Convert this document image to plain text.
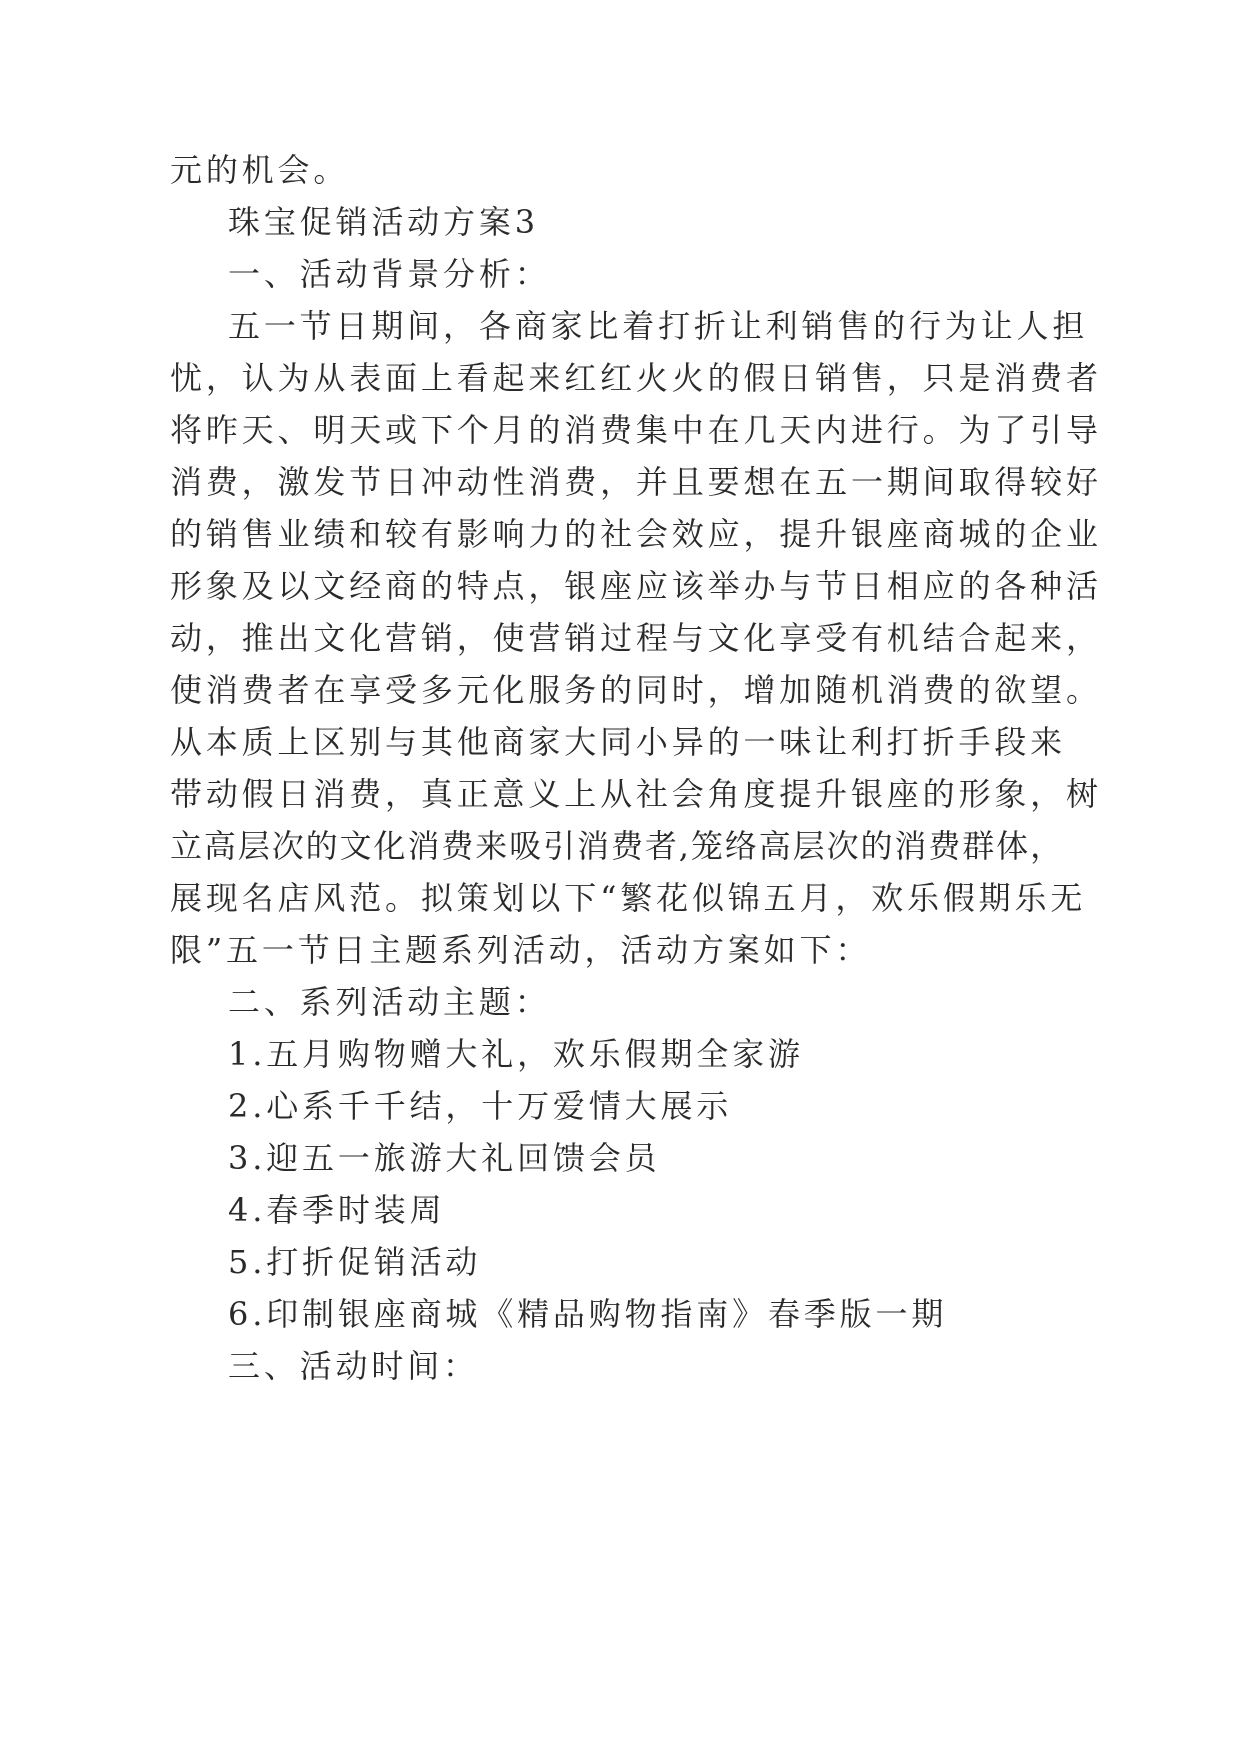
元的机会。

珠宝促销活动方案3

一、活动背景分析：

五一节日期间，各商家比着打折让利销售的行为让人担

忧，认为从表面上看起来红红火火的假日销售，只是消费者

将昨天、明天或下个月的消费集中在几天内进行。为了引导

消费，激发节日冲动性消费，并且要想在五一期间取得较好

的销售业绩和较有影响力的社会效应，提升银座商城的企业

形象及以文经商的特点，银座应该举办与节日相应的各种活

动，推出文化营销，使营销过程与文化享受有机结合起来，

使消费者在享受多元化服务的同时，增加随机消费的欲望。

从本质上区别与其他商家大同小异的一味让利打折手段来

带动假日消费，真正意义上从社会角度提升银座的形象，树

立高层次的文化消费来吸引消费者,笼络高层次的消费群体，

展现名店风范。拟策划以下“繁花似锦五月，欢乐假期乐无

限”五一节日主题系列活动，活动方案如下：

二、系列活动主题：

1.五月购物赠大礼，欢乐假期全家游

2.心系千千结，十万爱情大展示

3.迎五一旅游大礼回馈会员

4.春季时装周

5.打折促销活动

6.印制银座商城《精品购物指南》春季版一期

三、活动时间：
